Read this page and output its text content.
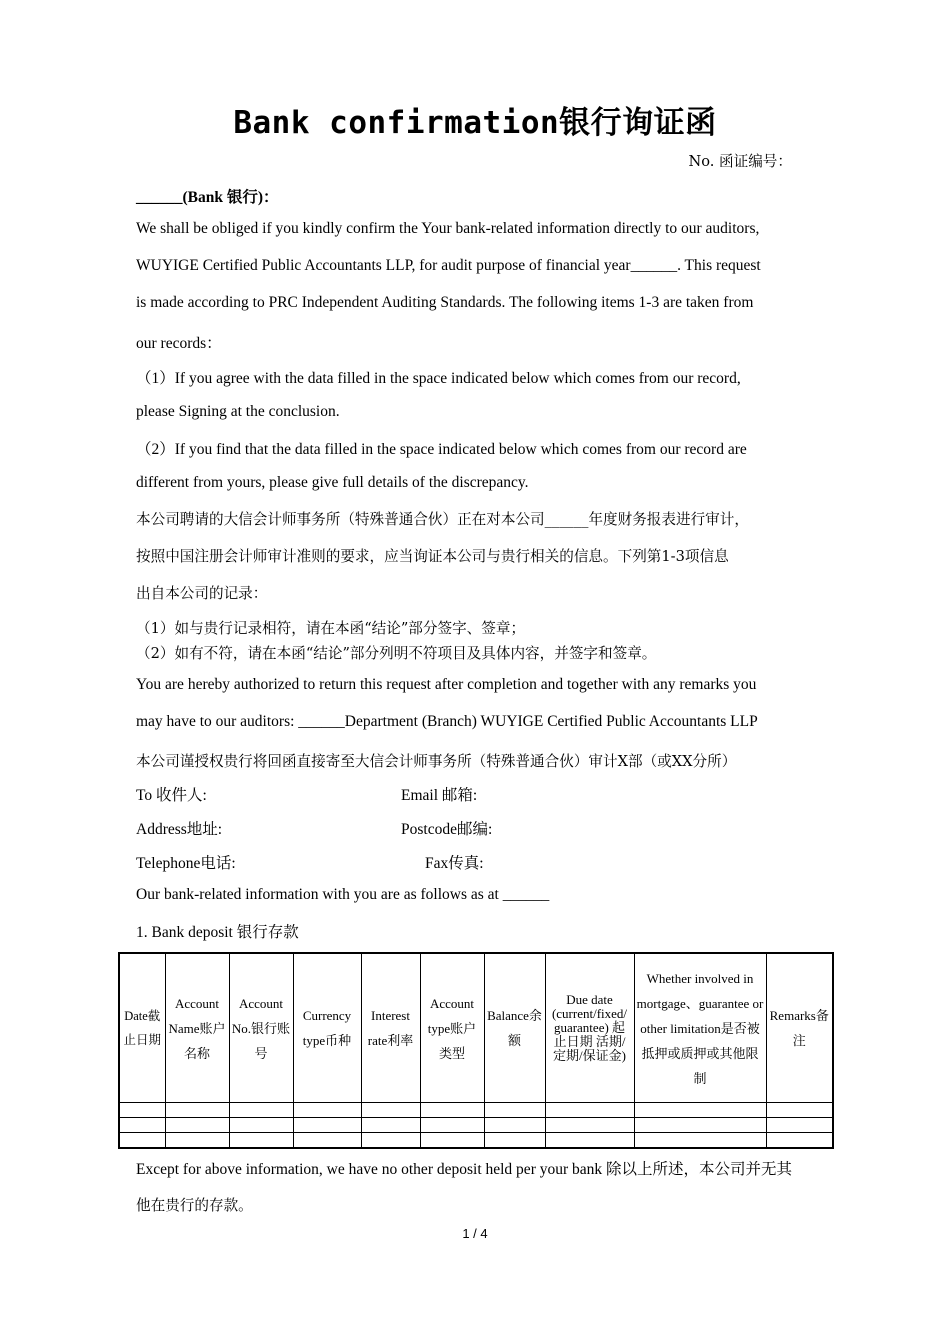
Bank confirmation银行询证函
No. 函证编号：
______(Bank 银行)：
We shall be obliged if you kindly confirm the Your bank-related information directly to our auditors,
WUYIGE Certified Public Accountants LLP, for audit purpose of financial year______. This request
is made according to PRC Independent Auditing Standards. The following items 1-3 are taken from
our records：
（1）If you agree with the data filled in the space indicated below which comes from our record,
please Signing at the conclusion.
（2）If you find that the data filled in the space indicated below which comes from our record are
different from yours, please give full details of the discrepancy.
本公司聘请的大信会计师事务所（特殊普通合伙）正在对本公司______年度财务报表进行审计，
按照中国注册会计师审计准则的要求，应当询证本公司与贵行相关的信息。下列第1-3项信息
出自本公司的记录：
（1）如与贵行记录相符，请在本函“结论”部分签字、签章；
（2）如有不符，请在本函“结论”部分列明不符项目及具体内容，并签字和签章。
You are hereby authorized to return this request after completion and together with any remarks you
may have to our auditors: ______Department (Branch) WUYIGE Certified Public Accountants LLP
本公司谨授权贵行将回函直接寄至大信会计师事务所（特殊普通合伙）审计X部（或XX分所）
To 收件人:	Email 邮箱:
Address地址:	Postcode邮编:
Telephone电话:	Fax传真:
Our bank-related information with you are as follows as at ______
1. Bank deposit 银行存款
Date截止日期	Account Name账户名称	Account No.银行账号	Currency type币种	Interest rate利率	Account type账户类型	Balance余额	Due date (current/fixed/ guarantee) 起止日期 活期/定期/保证金)	Whether involved in mortgage、guarantee or other limitation是否被抵押或质押或其他限制	Remarks备注

Except for above information, we have no other deposit held per your bank 除以上所述，本公司并无其
他在贵行的存款。
1 / 4
